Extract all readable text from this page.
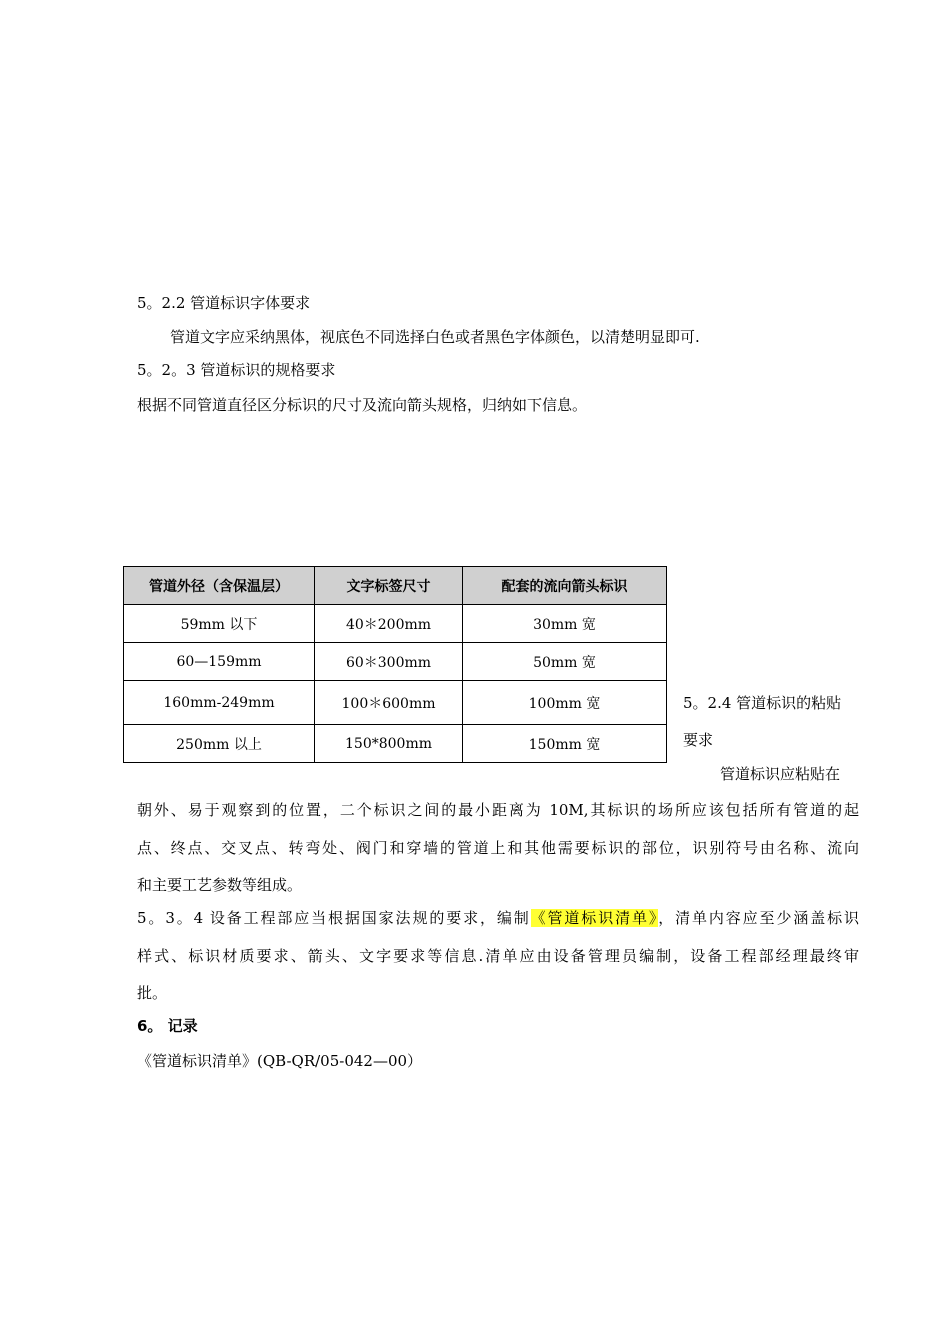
5。2.2 管道标识字体要求
管道文字应采纳黑体，视底色不同选择白色或者黑色字体颜色，以清楚明显即可.
5。2。3 管道标识的规格要求
根据不同管道直径区分标识的尺寸及流向箭头规格，归纳如下信息。
管道外径（含保温层）	文字标签尺寸	配套的流向箭头标识
59mm 以下	40＊200mm	30mm 宽
60—159mm	60＊300mm	50mm 宽
160mm-249mm	100＊600mm	100mm 宽
250mm 以上	150*800mm	150mm 宽
5。2.4 管道标识的粘贴
要求
管道标识应粘贴在
朝外、易于观察到的位置，二个标识之间的最小距离为 10M,其标识的场所应该包括所有管道的起
点、终点、交叉点、转弯处、阀门和穿墙的管道上和其他需要标识的部位，识别符号由名称、流向
和主要工艺参数等组成。
5。3。4 设备工程部应当根据国家法规的要求，编制《管道标识清单》，清单内容应至少涵盖标识
样式、标识材质要求、箭头、文字要求等信息.清单应由设备管理员编制，设备工程部经理最终审
批。
6。 记录
《管道标识清单》(QB-QR/05-042—00）
